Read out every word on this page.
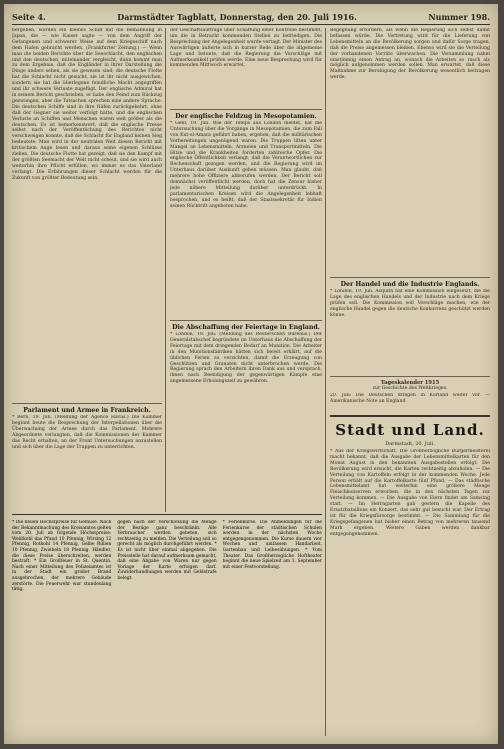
Seite 4.	Darmstädter Tagblatt, Donnerstag, den 20. Juli 1916.	Nummer 198.

bergeben, worden ein kleines Schiff mit die Bemannung in Japan, die — wie Kaiser sagte — von dem Angriff der Gefangenen und schwerer Weise auf dem Kriegsschiff nach dem Hafen gebracht werden. (Frankfurter Zeitung.) — Wenn man die beiden Berichte über die Seeschlacht, den englischen und den deutschen, miteinander vergleicht, dann kommt man zu dem Ergebnis, daß die Engländer in ihrer Darstellung die Dinge anders sehen, als sie gewesen sind; die deutsche Flotte hat die Schlacht nicht gesucht, sie ist ihr nicht ausgewichen, sondern sie hat die überlegene feindliche Macht angegriffen und ihr schwere Verluste zugefügt. Der englische Admiral hat in seinem Bericht geschrieben, er habe den Feind zum Rückzug gezwungen, aber die Tatsachen sprechen eine andere Sprache. Die deutschen Schiffe sind in ihre Häfen zurückgekehrt, ohne daß der Gegner sie weiter verfolgt hätte, und die englischen Verluste an Schiffen und Menschen waren weit größer als die deutschen. Es ist bemerkenswert, daß die englische Presse selbst nach der Veröffentlichung des Berichtes nicht verschweigen konnte, daß die Schlacht für England keinen Sieg bedeutete. Man wird in der neutralen Welt diesen Bericht mit kritischem Auge lesen und daraus seine eigenen Schlüsse ziehen. Die deutsche Flotte hat gezeigt, daß sie den Kampf mit der größten Seemacht der Welt nicht scheut, und sie wird auch weiterhin ihre Pflicht erfüllen, wo immer es das Vaterland verlangt. Die Erfahrungen dieser Schlacht werden für die Zukunft von größter Bedeutung sein.

Parlament und Armee in Frankreich.

* Bern, 19. Juli. (Meldung der Agence Havas.) Die Kammer beginnt heute die Besprechung der Interpellationen über die Überwachung der Armee durch das Parlament. Mehrere Abgeordnete verlangten, daß die Kommissionen der Kammer das Recht erhalten, an der Front Untersuchungen anzustellen und sich über die Lage der Truppen zu unterrichten.

der Geschäftsaufträge über Schaffung einer Kontrolle bestimmt, um die in Betracht kommenden Stellen zu befriedigen. Die Besprechung der Angelegenheit wurde vertagt. Der Minister des Auswärtigen äußerte sich in kurzer Rede über die allgemeine Lage und betonte, daß die Regierung die Vorschläge mit Aufmerksamkeit prüfen werde. Eine neue Besprechung wird für kommenden Mittwoch erwartet.

Der englische Feldzug in Mesopotamien.

* Genf, 19. Juli. Wie der Temps aus London meldet, hat die Untersuchung über die Vorgänge in Mesopotamien, die zum Fall von Kut-el-Amara geführt haben, ergeben, daß die militärischen Vorbereitungen ungenügend waren. Die Truppen litten unter Mangel an Lebensmitteln, Arzneien und Transportmitteln. Die Hitze und die Krankheiten forderten zahlreiche Opfer. Die englische Öffentlichkeit verlangt, daß die Verantwortlichen zur Rechenschaft gezogen werden, und die Regierung wird im Unterhaus darüber Auskunft geben müssen. Man glaubt, daß mehrere hohe Offiziere abberufen werden. Der Bericht soll demnächst veröffentlicht werden, doch hat die Zensur bisher jede nähere Mitteilung darüber unterdrückt. In parlamentarischen Kreisen wird die Angelegenheit lebhaft besprochen, und es heißt, daß der Staatssekretär für Indien seinen Rücktritt angeboten habe.

Die Abschaffung der Feiertage in England.

* London, 19. Juli. (Meldung des Reuterschen Bureaus.) Der Generalstabschef begründete im Unterhaus die Abschaffung der Feiertage mit dem dringenden Bedarf an Munition. Die Arbeiter in den Munitionsfabriken hätten sich bereit erklärt, auf die üblichen Ferien zu verzichten, damit die Erzeugung von Geschützen und Granaten nicht unterbrochen werde. Die Regierung sprach den Arbeitern ihren Dank aus und versprach, ihnen nach Beendigung der gegenwärtigen Kämpfe eine angemessene Erholungszeit zu gewähren.

Begegnung erfordern, als wenn die Regierung sich selbst damit befassen würde. Die Vertretung wird für die Lieferung von Lebensmitteln an die Bevölkerung sorgen und dafür Sorge tragen, daß die Preise angemessen bleiben. Ebenso wird sie die Verteilung der vorhandenen Vorräte überwachen. Die Versammlung nahm einstimmig einen Antrag an, wonach die Arbeiten so rasch als möglich aufgenommen werden sollen. Man erwartet, daß diese Maßnahme zur Beruhigung der Bevölkerung wesentlich beitragen werde.

Der Handel und die Industrie Englands.

* London, 19. Juli. Asquith hat eine Kommission eingesetzt, die die Lage des englischen Handels und der Industrie nach dem Kriege prüfen soll. Die Kommission soll Vorschläge machen, wie der englische Handel gegen die deutsche Konkurrenz geschützt werden könne.

Tageskalender 1915
zur Geschichte des Weltkrieges.

20. Juli: Die Deutschen dringen in Kurland weiter vor. — Amerikanische Note an England.

Stadt und Land.
Darmstadt, 20. Juli.

* Aus der Kriegswirtschaft. Die Großherzogliche Bürgermeisterei macht bekannt, daß die Ausgabe der Lebensmittelkarten für den Monat August in den bekannten Ausgabestellen erfolgt. Die Bevölkerung wird ersucht, die Karten rechtzeitig abzuholen. — Die Verteilung von Kartoffeln erfolgt in der kommenden Woche. Jede Person erhält auf die Kartoffelkarte fünf Pfund. — Das städtische Lebensmittelamt hat weiterhin eine größere Menge Fleischkonserven erworben, die in den nächsten Tagen zur Verteilung kommen. — Die Ausgabe von Eiern findet am Samstag statt. — Im Herrngarten gab gestern die Kapelle des Ersatzbataillons ein Konzert, das sehr gut besucht war. Der Ertrag ist für die Kriegsfürsorge bestimmt. — Die Sammlung für die Kriegsgefangenen hat bisher einen Betrag von mehreren tausend Mark ergeben. Weitere Gaben werden dankbar entgegengenommen.

* Die neuen Höchstpreise für Gemüse. Nach der Bekanntmachung des Kreisamtes gelten vom 20. Juli ab folgende Höchstpreise: Weißkohl das Pfund 10 Pfennig, Wirsing 12 Pfennig, Rotkohl 14 Pfennig, Gelbe Rüben 10 Pfennig, Zwiebeln 18 Pfennig. Händler, die diese Preise überschreiten, werden bestraft. * Ein Großfeuer in St. Quentin. Nach einer Mitteilung des Polizeiamtes ist in der Stadt ein großer Brand ausgebrochen, der mehrere Gebäude zerstörte. Die Feuerwehr war stundenlang tätig.

gegen nach der Verschickung die Menge der Bezüge ganz beschränkt. Alle Verbraucher werden gebeten, sich rechtzeitig zu melden. Die Verteilung soll so gerecht als möglich durchgeführt werden. * Es ist nicht über einmal abgegeben. Die Preisstelle hat darauf aufmerksam gemacht, daß eine Abgabe von Waren nur gegen Vorlage der Karte erfolgen darf. Zuwiderhandlungen werden mit Geldstrafe belegt.

* Ferienkurse. Die Anmeldungen für die Ferienkurse der städtischen Schulen werden in der nächsten Woche entgegengenommen. Die Kurse dauern vier Wochen und umfassen Handarbeit, Gartenbau und Leibesübungen. * Vom Theater. Das Großherzogliche Hoftheater beginnt die neue Spielzeit am 1. September mit einer Festvorstellung.
